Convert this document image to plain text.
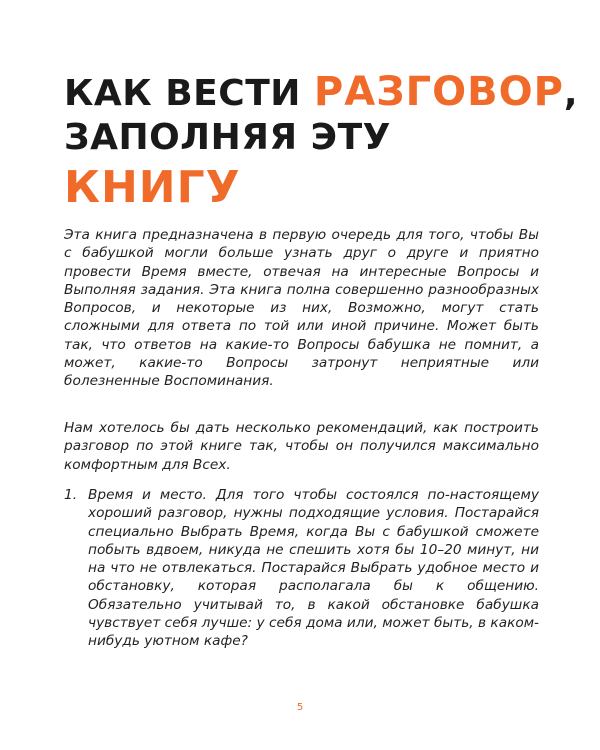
КАК ВЕСТИ РАЗГОВОР,
ЗАПОЛНЯЯ ЭТУ
КНИГУ

Эта книга предназначена в первую очередь для того, чтобы Вы с бабушкой могли больше узнать друг о друге и приятно провести Время вместе, отвечая на интересные Вопросы и Выполняя задания. Эта книга полна совершенно разнообразных Вопросов, и некоторые из них, Возможно, могут стать сложными для ответа по той или иной причине. Может быть так, что ответов на какие-то Вопросы бабушка не помнит, а может, какие-то Вопросы затронут неприятные или болезненные Воспоминания.

Нам хотелось бы дать несколько рекомендаций, как построить разговор по этой книге так, чтобы он получился максимально комфортным для Всех.

1. Время и место. Для того чтобы состоялся по-настоящему хороший разговор, нужны подходящие условия. Постарайся специально Выбрать Время, когда Вы с бабушкой сможете побыть вдвоем, никуда не спешить хотя бы 10–20 минут, ни на что не отвлекаться. Постарайся Выбрать удобное место и обстановку, которая располагала бы к общению. Обязательно учитывай то, в какой обстановке бабушка чувствует себя лучше: у себя дома или, может быть, в каком-нибудь уютном кафе?

5
